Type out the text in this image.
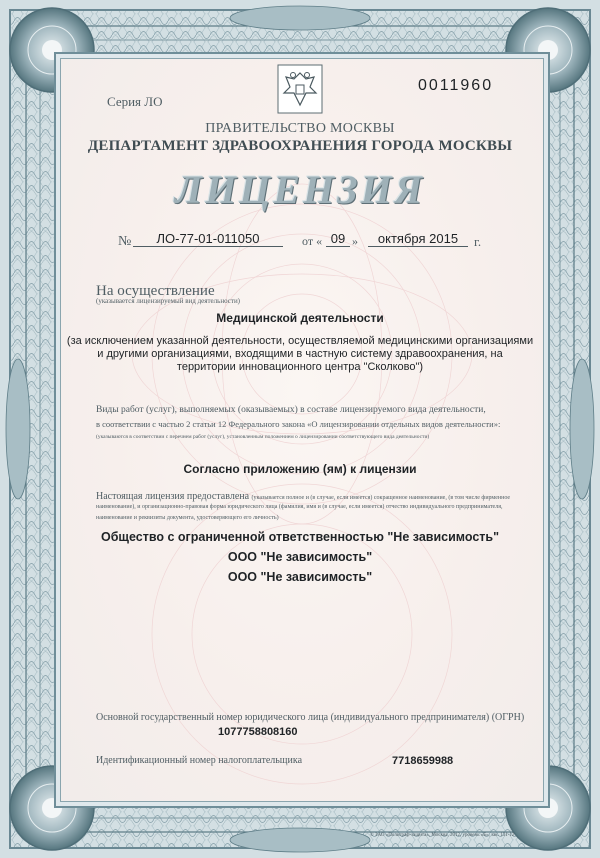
Серия ЛО
0011960
ПРАВИТЕЛЬСТВО МОСКВЫ
ДЕПАРТАМЕНТ ЗДРАВООХРАНЕНИЯ ГОРОДА МОСКВЫ
ЛИЦЕНЗИЯ
№	ЛО-77-01-011050	от « 09 »	октября 2015	г.
На осуществление
(указывается лицензируемый вид деятельности)
Медицинской деятельности
(за исключением указанной деятельности, осуществляемой медицинскими организациями
и другими организациями, входящими в частную систему здравоохранения, на
территории инновационного центра "Сколково")
Виды работ (услуг), выполняемых (оказываемых) в составе лицензируемого вида деятельности,
в соответствии с частью 2 статьи 12 Федерального закона «О лицензировании отдельных видов деятельности»:
(указываются в соответствии с перечнем работ (услуг), установленным положением о лицензировании соответствующего вида деятельности)
Согласно приложению (ям) к лицензии
Настоящая лицензия предоставлена (указывается полное и (в случае, если имеется) сокращенное наименование, (в том числе фирменное
наименование), и организационно-правовая форма юридического лица (фамилия, имя и (в случае, если имеется) отчество индивидуального предпринимателя,
наименование и реквизиты документа, удостоверяющего его личность)
Общество с ограниченной ответственностью "Не зависимость"
ООО "Не зависимость"
ООО "Не зависимость"
Основной государственный номер юридического лица (индивидуального предпринимателя) (ОГРН)
1077758808160
Идентификационный номер налогоплательщика	7718659988
© ЗАО «Полиграф-защита», Москва, 2012, уровень «Б», зак. 131-12
